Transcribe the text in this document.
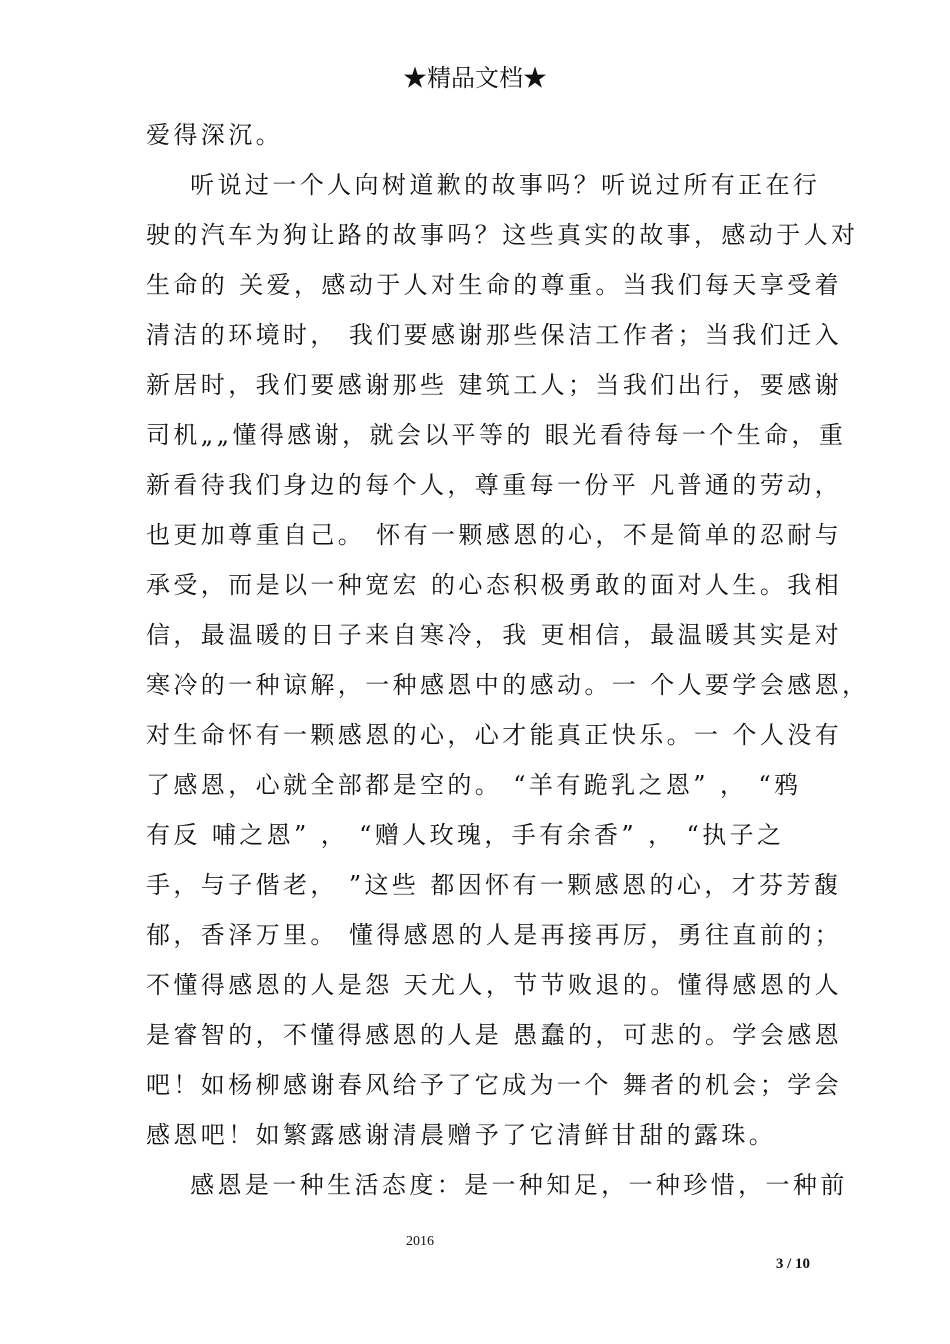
★精品文档★
爱得深沉。
听说过一个人向树道歉的故事吗？听说过所有正在行
驶的汽车为狗让路的故事吗？这些真实的故事，感动于人对
生命的 关爱，感动于人对生命的尊重。当我们每天享受着
清洁的环境时， 我们要感谢那些保洁工作者；当我们迁入
新居时，我们要感谢那些 建筑工人；当我们出行，要感谢
司机„„懂得感谢，就会以平等的 眼光看待每一个生命，重
新看待我们身边的每个人，尊重每一份平 凡普通的劳动，
也更加尊重自己。 怀有一颗感恩的心，不是简单的忍耐与
承受，而是以一种宽宏 的心态积极勇敢的面对人生。我相
信，最温暖的日子来自寒冷，我 更相信，最温暖其实是对
寒冷的一种谅解，一种感恩中的感动。一 个人要学会感恩，
对生命怀有一颗感恩的心，心才能真正快乐。一 个人没有
了感恩，心就全部都是空的。 “羊有跪乳之恩” ， “鸦
有反 哺之恩” ， “赠人玫瑰，手有余香” ， “执子之
手，与子偕老， ”这些 都因怀有一颗感恩的心，才芬芳馥
郁，香泽万里。 懂得感恩的人是再接再厉，勇往直前的；
不懂得感恩的人是怨 天尤人，节节败退的。懂得感恩的人
是睿智的，不懂得感恩的人是 愚蠢的，可悲的。学会感恩
吧！如杨柳感谢春风给予了它成为一个 舞者的机会；学会
感恩吧！如繁露感谢清晨赠予了它清鲜甘甜的露珠。
感恩是一种生活态度：是一种知足，一种珍惜，一种前
2016
3 / 10
